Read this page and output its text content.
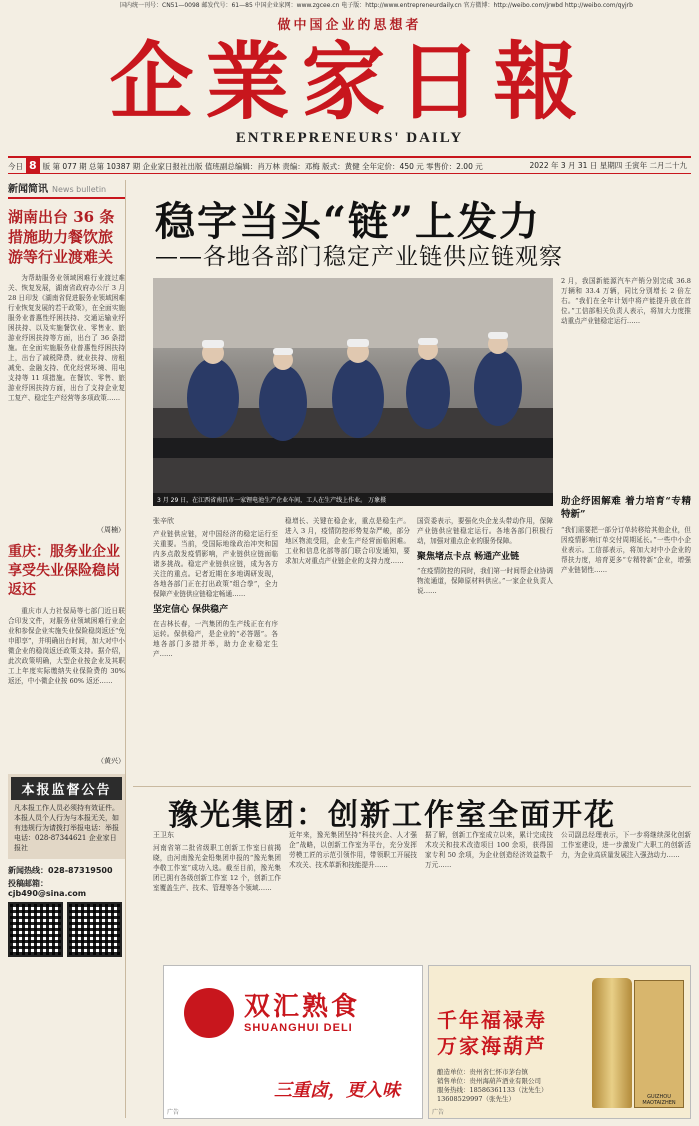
国内统一刊号：CN51—0098 邮发代号：61—85 中国企业家网：www.zgcee.cn 电子版：http://www.entrepreneurdaily.cn 官方微博：http://weibo.com/jrwbd http://weibo.com/qyjrb
做中国企业的思想者
企業家日報
ENTREPRENEURS' DAILY
今日 8 版 第 077 期 总第 10387 期 企业家日报社出版 值班副总编辑：肖万林 责编：邓梅 版式：黄健 全年定价：450 元 零售价：2.00 元	2022 年 3 月 31 日 星期四 壬寅年 二月二十九
新闻简讯 News bulletin
湖南出台 36 条措施助力餐饮旅游等行业渡难关
为帮助服务业领域困难行业渡过难关、恢复发展，湖南省政府办公厅 3 月 28 日印发《湖南省促进服务业领域困难行业恢复发展的若干政策》，在全面实施服务业普惠性纾困扶持、交通运输业纾困扶持、以及实施餐饮业、零售业、旅游业纾困扶持等方面，出台了 36 条措施。在全面实施服务业普惠性纾困扶持上，出台了减税降费、就业扶持、房租减免、金融支持、优化经营环境、用电支持等 11 项措施。在餐饮、零售、旅游业纾困扶持方面，出台了支持企业复工复产、稳定生产经营等多项政策……
（周楠）
重庆：服务业企业享受失业保险稳岗返还
重庆市人力社保局等七部门近日联合印发文件，对服务业领域困难行业企业和参保企业实施失业保险稳岗返还“免申即享”，并明确出台时间，加大对中小微企业的稳岗返还政策支持。据介绍，此次政策明确，大型企业按企业及其职工上年度实际缴纳失业保险费的 30% 返还，中小微企业按 60% 返还……
（黄兴）
本报监督公告
凡本报工作人员必须持有效证件。本报人员个人行为与本报无关，如有违规行为请拨打举报电话：举报电话：028-87344621 企业家日报社
新闻热线：028-87319500
投稿邮箱：cjb490@sina.com
稳字当头“链”上发力
——各地各部门稳定产业链供应链观察
3 月 29 日，在江西省南昌市一家锂电池生产企业车间，工人在生产线上作业。 万象摄
2 月，我国新能源汽车产销分别完成 36.8 万辆和 33.4 万辆，同比分别增长 2 倍左右。“我们在全年计划中将产能提升放在首位。”工信部相关负责人表示，将加大力度推动重点产业链稳定运行……
助企纾困解难 着力培育“专精特新”
“我们需要把一部分订单转移给其他企业，但因疫情影响订单交付周期延长。”一些中小企业表示。工信部表示，将加大对中小企业的帮扶力度，培育更多“专精特新”企业，增强产业链韧性……
张辛欣
产业链供应链，对中国经济的稳定运行至关重要。当前，受国际地缘政治冲突和国内多点散发疫情影响，产业链供应链面临诸多挑战。稳定产业链供应链，成为各方关注的重点。记者近期在多地调研发现，各地各部门正在打出政策“组合拳”，全力保障产业链供应链稳定畅通……
坚定信心 保供稳产
在吉林长春，一汽集团的生产线正在有序运转。保供稳产，是企业的“必答题”。各地各部门多措并举，助力企业稳定生产……
稳增长、关键在稳企业，重点是稳生产。进入 3 月，疫情防控形势复杂严峻，部分地区物流受阻，企业生产经营面临困难。工业和信息化部等部门联合印发通知，要求加大对重点产业链企业的支持力度……
国资委表示，要强化央企龙头带动作用，保障产业链供应链稳定运行。各地各部门积极行动，加强对重点企业的服务保障。
聚焦堵点卡点 畅通产业链
“在疫情防控的同时，我们第一时间帮企业协调物流通道，保障原材料供应。”一家企业负责人说……
豫光集团：创新工作室全面开花
王卫东
河南省第二批省级职工创新工作室日前揭晓，由河南豫光金铅集团申报的“豫光集团李敬工作室”成功入选。截至目前，豫光集团已拥有各级创新工作室 12 个，创新工作室覆盖生产、技术、管理等各个领域……
近年来，豫光集团坚持“科技兴企、人才强企”战略，以创新工作室为平台，充分发挥劳模工匠的示范引领作用，带领职工开展技术攻关、技术革新和技能提升……
据了解，创新工作室成立以来，累计完成技术攻关和技术改造项目 100 余项，获得国家专利 50 余项，为企业创造经济效益数千万元……
公司副总经理表示，下一步将继续深化创新工作室建设，进一步激发广大职工的创新活力，为企业高质量发展注入强劲动力……
双汇熟食
SHUANGHUI DELI
三重卤，更入味
广告
千年福禄寿
万家海葫芦
酿造单位：贵州省仁怀市茅台镇
销售单位：贵州海葫芦酒业有限公司
服务热线：18586361133（沈先生）13608529997（张先生）	GUIZHOU MAOTAIZHEN
广告
